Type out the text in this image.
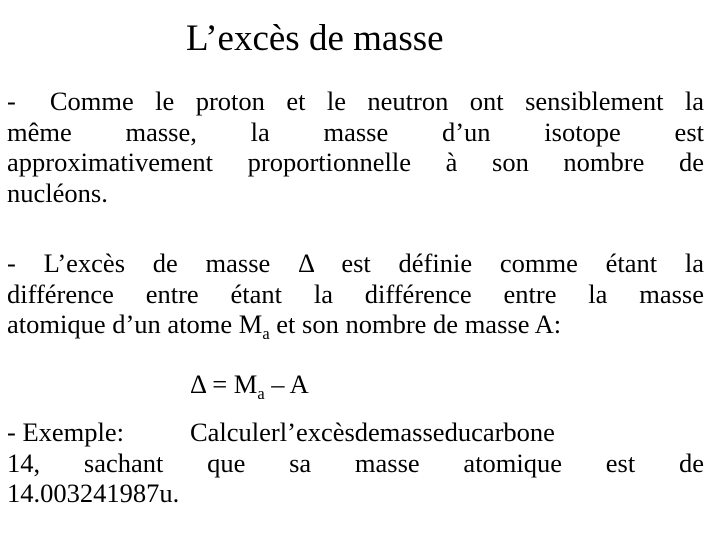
L’excès de masse
- Comme le proton et le neutron ont sensiblement la
même masse, la masse d’un isotope est
approximativement proportionnelle à son nombre de
nucléons.
- L’excès de masse Δ est définie comme étant la
différence entre étant la différence entre la masse
atomique d’un atome $M_a$ et son nombre de masse A:
$\Delta = M_a - A$
- Exemple: Calculerl’excèsdemasseducarbone
14, sachant que sa masse atomique est de
14.003241987u.
